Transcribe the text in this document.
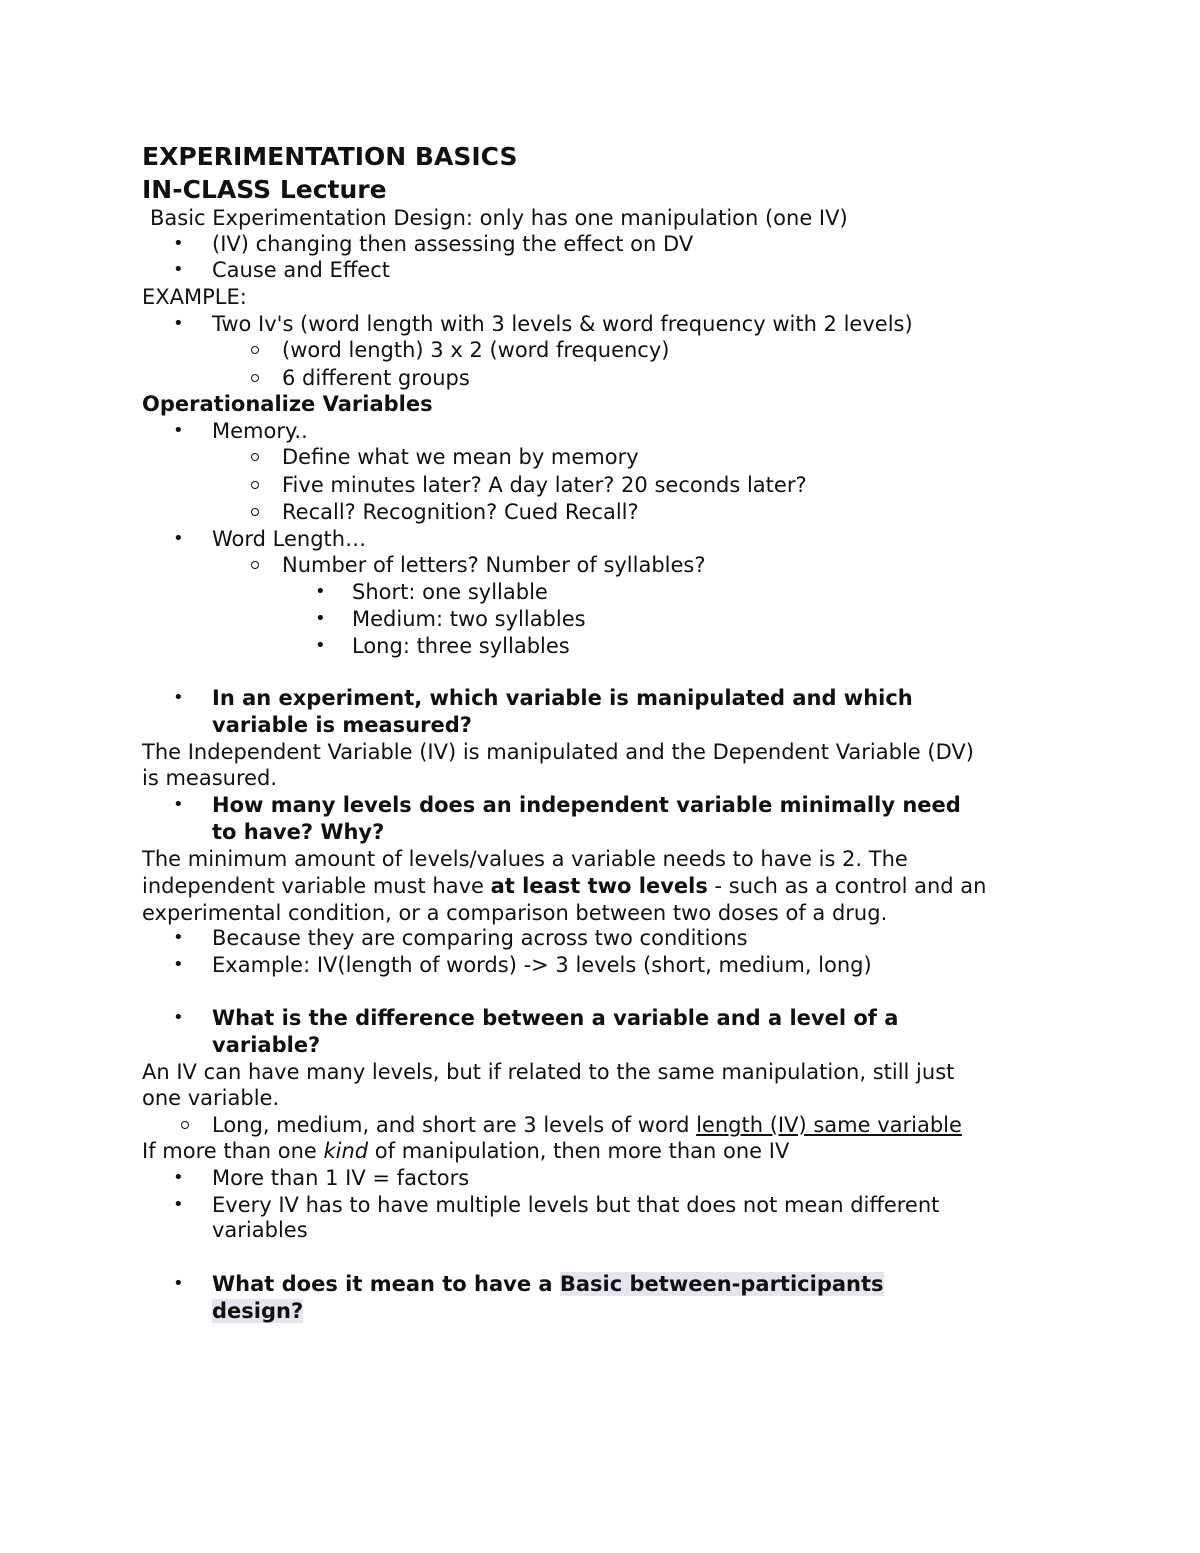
EXPERIMENTATION BASICS
IN-CLASS Lecture
Basic Experimentation Design: only has one manipulation (one IV)
• (IV) changing then assessing the effect on DV
• Cause and Effect
EXAMPLE:
• Two Iv's (word length with 3 levels & word frequency with 2 levels)
(word length) 3 x 2 (word frequency)
6 different groups
Operationalize Variables
• Memory..
Define what we mean by memory
Five minutes later? A day later? 20 seconds later?
Recall? Recognition? Cued Recall?
• Word Length…
Number of letters? Number of syllables?
• Short: one syllable
• Medium: two syllables
• Long: three syllables
• In an experiment, which variable is manipulated and which
variable is measured?
The Independent Variable (IV) is manipulated and the Dependent Variable (DV)
is measured.
• How many levels does an independent variable minimally need
to have? Why?
The minimum amount of levels/values a variable needs to have is 2. The
independent variable must have at least two levels - such as a control and an
experimental condition, or a comparison between two doses of a drug.
• Because they are comparing across two conditions
• Example: IV(length of words) -> 3 levels (short, medium, long)
• What is the difference between a variable and a level of a
variable?
An IV can have many levels, but if related to the same manipulation, still just
one variable.
Long, medium, and short are 3 levels of word length (IV) same variable
If more than one kind of manipulation, then more than one IV
• More than 1 IV = factors
• Every IV has to have multiple levels but that does not mean different
variables
• What does it mean to have a Basic between-participants
design?
